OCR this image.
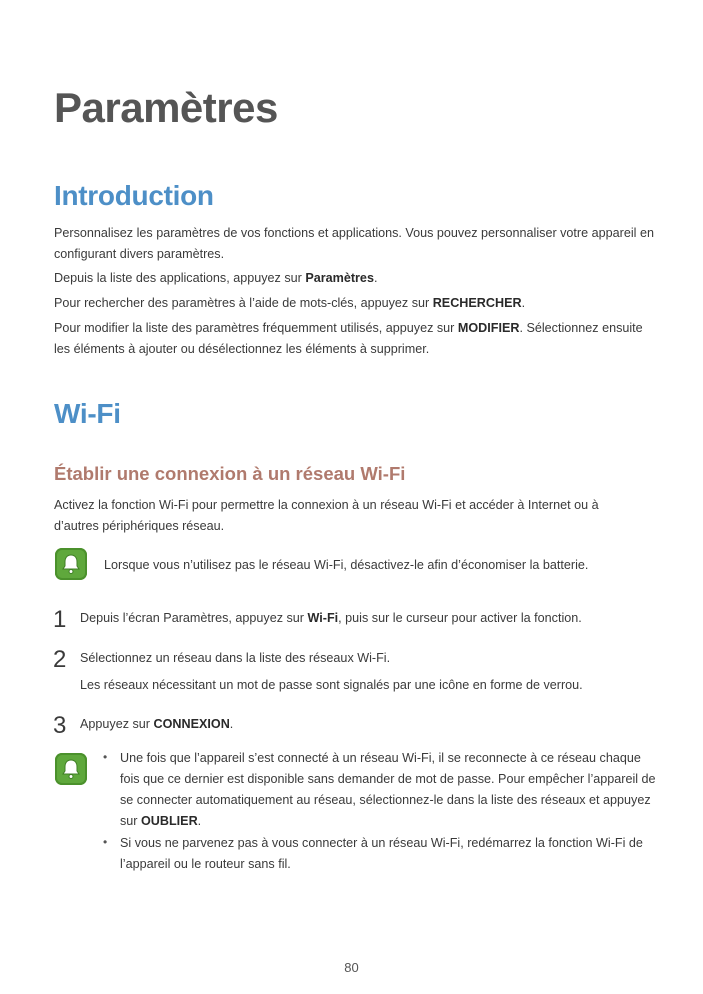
Paramètres
Introduction

Personnalisez les paramètres de vos fonctions et applications. Vous pouvez personnaliser votre appareil en configurant divers paramètres.

Depuis la liste des applications, appuyez sur Paramètres.

Pour rechercher des paramètres à l’aide de mots-clés, appuyez sur RECHERCHER.

Pour modifier la liste des paramètres fréquemment utilisés, appuyez sur MODIFIER. Sélectionnez ensuite les éléments à ajouter ou désélectionnez les éléments à supprimer.

Wi-Fi
Établir une connexion à un réseau Wi-Fi

Activez la fonction Wi-Fi pour permettre la connexion à un réseau Wi-Fi et accéder à Internet ou à d’autres périphériques réseau.

Lorsque vous n’utilisez pas le réseau Wi-Fi, désactivez-le afin d’économiser la batterie.

1 Depuis l’écran Paramètres, appuyez sur Wi-Fi, puis sur le curseur pour activer la fonction.

2 Sélectionnez un réseau dans la liste des réseaux Wi-Fi.

Les réseaux nécessitant un mot de passe sont signalés par une icône en forme de verrou.

3 Appuyez sur CONNEXION.

• Une fois que l’appareil s’est connecté à un réseau Wi-Fi, il se reconnecte à ce réseau chaque fois que ce dernier est disponible sans demander de mot de passe. Pour empêcher l’appareil de se connecter automatiquement au réseau, sélectionnez-le dans la liste des réseaux et appuyez sur OUBLIER.

• Si vous ne parvenez pas à vous connecter à un réseau Wi-Fi, redémarrez la fonction Wi-Fi de l’appareil ou le routeur sans fil.

80
